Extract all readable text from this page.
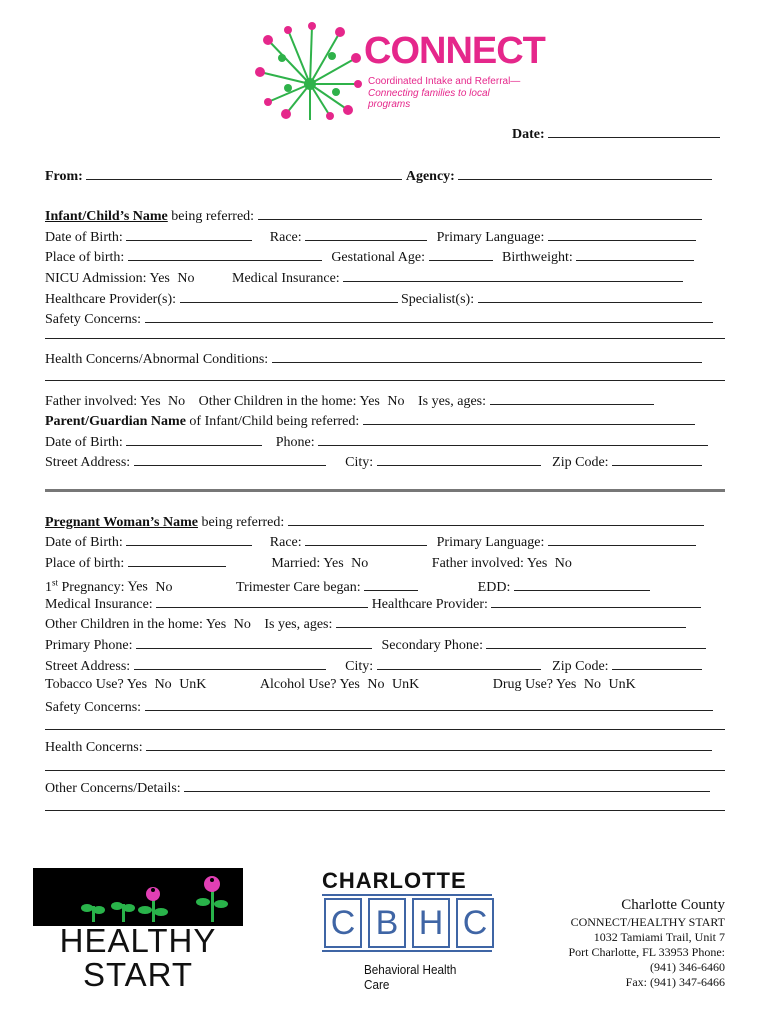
CONNECT
Coordinated Intake and Referral—
Connecting families to local programs
Date:
From:	Agency:
Infant/Child’s Name being referred:
Date of Birth:	Race:	Primary Language:
Place of birth:	Gestational Age:	Birthweight:
NICU Admission: Yes No	Medical Insurance:
Healthcare Provider(s):	Specialist(s):
Safety Concerns:
Health Concerns/Abnormal Conditions:
Father involved: Yes No Other Children in the home: Yes No Is yes, ages:
Parent/Guardian Name of Infant/Child being referred:
Date of Birth:	Phone:
Street Address:	City:	Zip Code:
Pregnant Woman’s Name being referred:
Date of Birth:	Race:	Primary Language:
Place of birth:	Married: Yes No	Father involved: Yes No
1st Pregnancy: Yes No	Trimester Care began:	EDD:
Medical Insurance:	Healthcare Provider:
Other Children in the home: Yes No Is yes, ages:
Primary Phone:	Secondary Phone:
Street Address:	City:	Zip Code:
Tobacco Use? Yes No UnK	Alcohol Use? Yes No UnK	Drug Use? Yes No UnK
Safety Concerns:
Health Concerns:
Other Concerns/Details:
HEALTHY
START
CHARLOTTE
C B H C
Behavioral Health Care
Charlotte County
CONNECT/HEALTHY START
1032 Tamiami Trail, Unit 7
Port Charlotte, FL 33953 Phone:
(941) 346-6460
Fax: (941) 347-6466
